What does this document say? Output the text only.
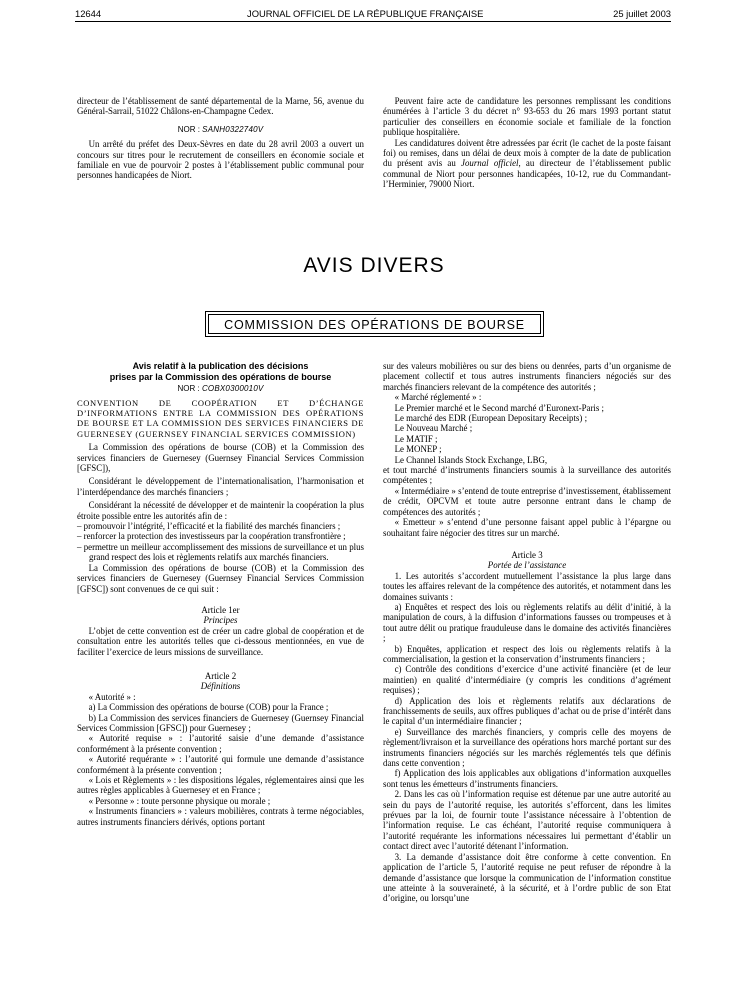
12644	JOURNAL OFFICIEL DE LA RÉPUBLIQUE FRANÇAISE	25 juillet 2003

directeur de l’établissement de santé départemental de la Marne, 56, avenue du Général-Sarrail, 51022 Châlons-en-Champagne Cedex.

NOR : SANH0322740V

Un arrêté du préfet des Deux-Sèvres en date du 28 avril 2003 a ouvert un concours sur titres pour le recrutement de conseillers en économie sociale et familiale en vue de pourvoir 2 postes à l’établissement public communal pour personnes handicapées de Niort.

Peuvent faire acte de candidature les personnes remplissant les conditions énumérées à l’article 3 du décret n° 93-653 du 26 mars 1993 portant statut particulier des conseillers en économie sociale et familiale de la fonction publique hospitalière.

Les candidatures doivent être adressées par écrit (le cachet de la poste faisant foi) ou remises, dans un délai de deux mois à compter de la date de publication du présent avis au Journal officiel, au directeur de l’établissement public communal de Niort pour personnes handicapées, 10-12, rue du Commandant-l’Herminier, 79000 Niort.

AVIS DIVERS
COMMISSION DES OPÉRATIONS DE BOURSE
Avis relatif à la publication des décisions
prises par la Commission des opérations de bourse
NOR : COBX0300010V

CONVENTION DE COOPÉRATION ET D’ÉCHANGE D’INFORMATIONS ENTRE LA COMMISSION DES OPÉRATIONS DE BOURSE ET LA COMMISSION DES SERVICES FINANCIERS DE GUERNESEY (GUERNSEY FINANCIAL SERVICES COMMISSION)

La Commission des opérations de bourse (COB) et la Commission des services financiers de Guernesey (Guernsey Financial Services Commission [GFSC]),

Considérant le développement de l’internationalisation, l’harmonisation et l’interdépendance des marchés financiers ;

Considérant la nécessité de développer et de maintenir la coopération la plus étroite possible entre les autorités afin de :

– promouvoir l’intégrité, l’efficacité et la fiabilité des marchés financiers ;

– renforcer la protection des investisseurs par la coopération transfrontière ;

– permettre un meilleur accomplissement des missions de surveillance et un plus grand respect des lois et règlements relatifs aux marchés financiers.

La Commission des opérations de bourse (COB) et la Commission des services financiers de Guernesey (Guernsey Financial Services Commission [GFSC]) sont convenues de ce qui suit :

Article 1er

Principes

L’objet de cette convention est de créer un cadre global de coopération et de consultation entre les autorités telles que ci-dessous mentionnées, en vue de faciliter l’exercice de leurs missions de surveillance.

Article 2

Définitions

« Autorité » :

a) La Commission des opérations de bourse (COB) pour la France ;

b) La Commission des services financiers de Guernesey (Guernsey Financial Services Commission [GFSC]) pour Guernesey ;

« Autorité requise » : l’autorité saisie d’une demande d’assistance conformément à la présente convention ;

« Autorité requérante » : l’autorité qui formule une demande d’assistance conformément à la présente convention ;

« Lois et Règlements » : les dispositions légales, réglementaires ainsi que les autres règles applicables à Guernesey et en France ;

« Personne » : toute personne physique ou morale ;

« Instruments financiers » : valeurs mobilières, contrats à terme négociables, autres instruments financiers dérivés, options portant

sur des valeurs mobilières ou sur des biens ou denrées, parts d’un organisme de placement collectif et tous autres instruments financiers négociés sur des marchés financiers relevant de la compétence des autorités ;

« Marché réglementé » :

Le Premier marché et le Second marché d’Euronext-Paris ;

Le marché des EDR (European Depositary Receipts) ;

Le Nouveau Marché ;

Le MATIF ;

Le MONEP ;

Le Channel Islands Stock Exchange, LBG,

et tout marché d’instruments financiers soumis à la surveillance des autorités compétentes ;

« Intermédiaire » s’entend de toute entreprise d’investissement, établissement de crédit, OPCVM et toute autre personne entrant dans le champ de compétences des autorités ;

« Emetteur » s’entend d’une personne faisant appel public à l’épargne ou souhaitant faire négocier des titres sur un marché.

Article 3

Portée de l’assistance

1. Les autorités s’accordent mutuellement l’assistance la plus large dans toutes les affaires relevant de la compétence des autorités, et notamment dans les domaines suivants :

a) Enquêtes et respect des lois ou règlements relatifs au délit d’initié, à la manipulation de cours, à la diffusion d’informations fausses ou trompeuses et à tout autre délit ou pratique frauduleuse dans le domaine des activités financières ;

b) Enquêtes, application et respect des lois ou règlements relatifs à la commercialisation, la gestion et la conservation d’instruments financiers ;

c) Contrôle des conditions d’exercice d’une activité financière (et de leur maintien) en qualité d’intermédiaire (y compris les conditions d’agrément requises) ;

d) Application des lois et règlements relatifs aux déclarations de franchissements de seuils, aux offres publiques d’achat ou de prise d’intérêt dans le capital d’un intermédiaire financier ;

e) Surveillance des marchés financiers, y compris celle des moyens de règlement/livraison et la surveillance des opérations hors marché portant sur des instruments financiers négociés sur les marchés réglementés tels que définis dans cette convention ;

f) Application des lois applicables aux obligations d’information auxquelles sont tenus les émetteurs d’instruments financiers.

2. Dans les cas où l’information requise est détenue par une autre autorité au sein du pays de l’autorité requise, les autorités s’efforcent, dans les limites prévues par la loi, de fournir toute l’assistance nécessaire à l’obtention de l’information requise. Le cas échéant, l’autorité requise communiquera à l’autorité requérante les informations nécessaires lui permettant d’établir un contact direct avec l’autorité détenant l’information.

3. La demande d’assistance doit être conforme à cette convention. En application de l’article 5, l’autorité requise ne peut refuser de répondre à la demande d’assistance que lorsque la communication de l’information constitue une atteinte à la souveraineté, à la sécurité, et à l’ordre public de son Etat d’origine, ou lorsqu’une
